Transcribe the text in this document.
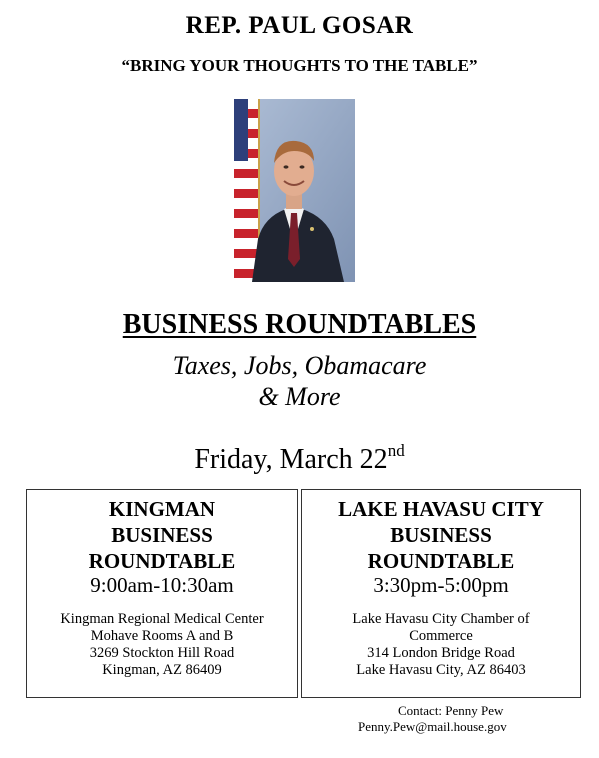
REP. PAUL GOSAR
“BRING YOUR THOUGHTS TO THE TABLE”
BUSINESS ROUNDTABLES
Taxes, Jobs, Obamacare
& More
Friday, March 22nd
KINGMAN
BUSINESS
ROUNDTABLE
9:00am-10:30am
Kingman Regional Medical Center
Mohave Rooms A and B
3269 Stockton Hill Road
Kingman, AZ 86409
LAKE HAVASU CITY
BUSINESS
ROUNDTABLE
3:30pm-5:00pm
Lake Havasu City Chamber of
Commerce
314 London Bridge Road
Lake Havasu City, AZ 86403
Contact: Penny Pew
Penny.Pew@mail.house.gov
